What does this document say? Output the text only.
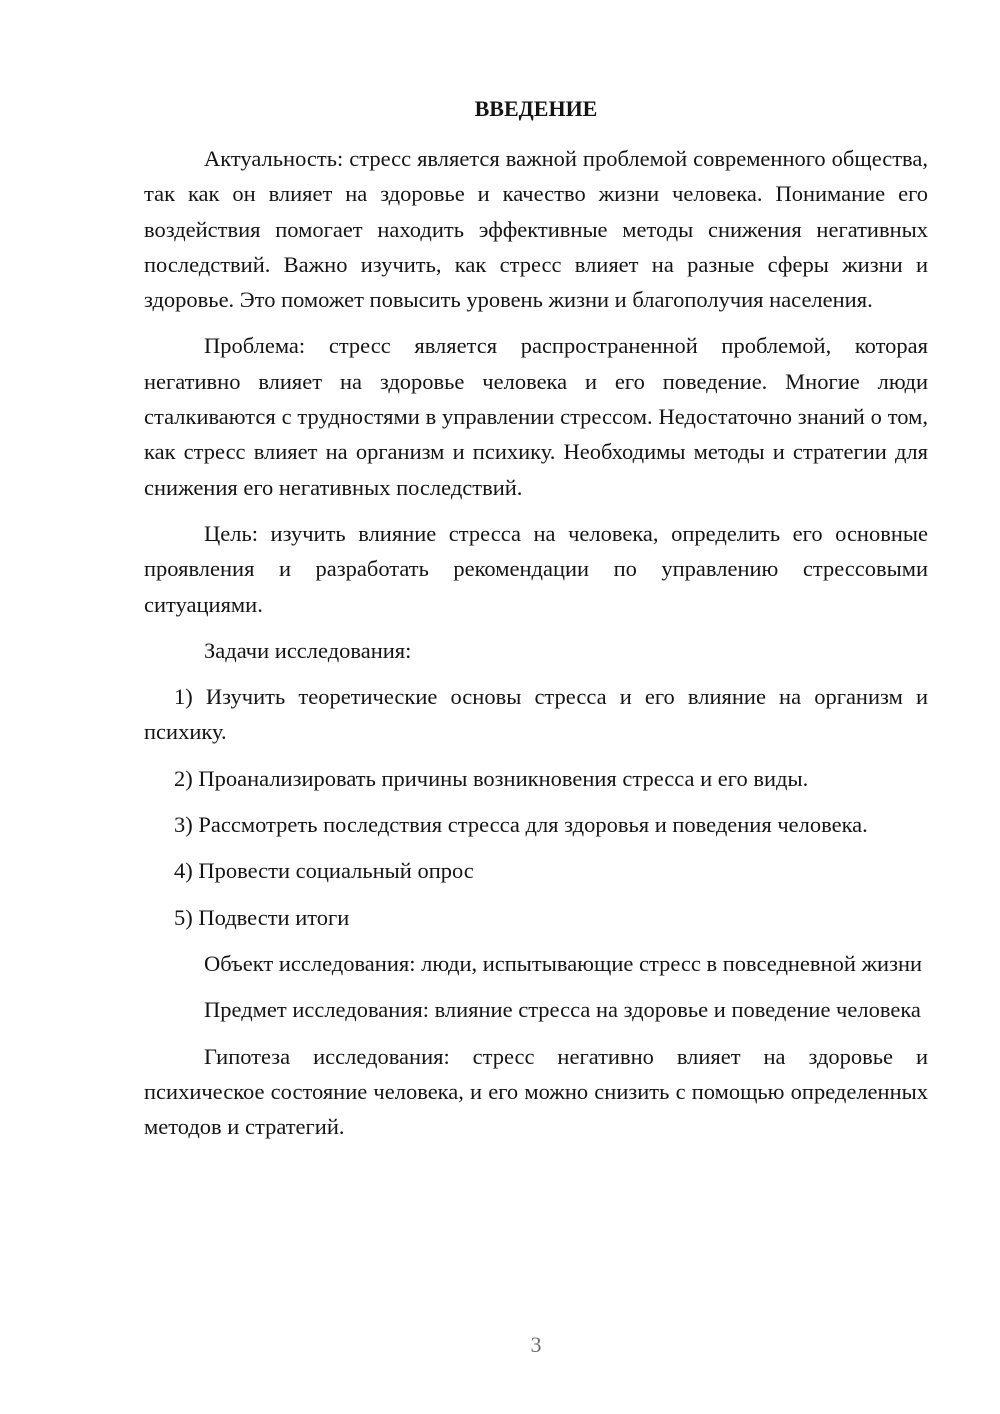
ВВЕДЕНИЕ

Актуальность: стресс является важной проблемой современного общества, так как он влияет на здоровье и качество жизни человека. Понимание его воздействия помогает находить эффективные методы снижения негативных последствий. Важно изучить, как стресс влияет на разные сферы жизни и здоровье. Это поможет повысить уровень жизни и благополучия населения.

Проблема: стресс является распространенной проблемой, которая негативно влияет на здоровье человека и его поведение. Многие люди сталкиваются с трудностями в управлении стрессом. Недостаточно знаний о том, как стресс влияет на организм и психику. Необходимы методы и стратегии для снижения его негативных последствий.

Цель: изучить влияние стресса на человека, определить его основные проявления и разработать рекомендации по управлению стрессовыми ситуациями.

Задачи исследования:

1) Изучить теоретические основы стресса и его влияние на организм и психику.

2) Проанализировать причины возникновения стресса и его виды.

3) Рассмотреть последствия стресса для здоровья и поведения человека.

4) Провести социальный опрос

5) Подвести итоги

Объект исследования: люди, испытывающие стресс в повседневной жизни

Предмет исследования: влияние стресса на здоровье и поведение человека

Гипотеза исследования: стресс негативно влияет на здоровье и психическое состояние человека, и его можно снизить с помощью определенных методов и стратегий.

3
